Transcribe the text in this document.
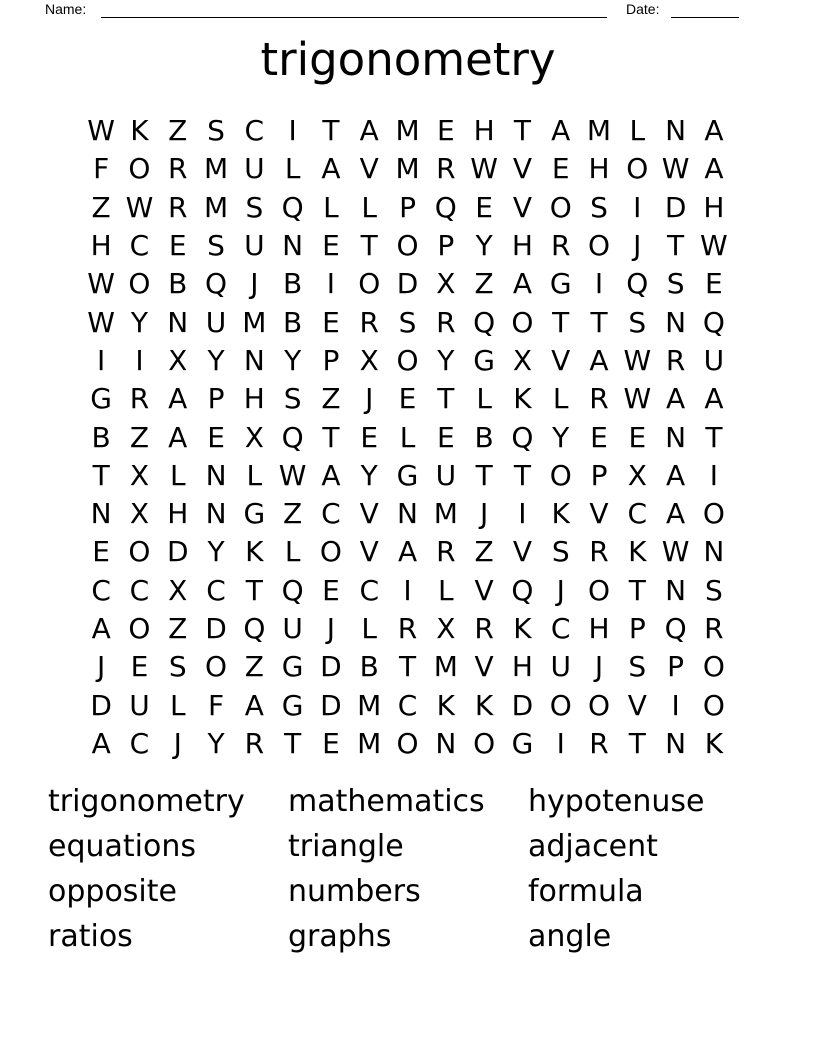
Name:	Date:
trigonometry
W K Z S C I T A M E H T A M L N A
F O R M U L A V M R W V E H O W A
Z W R M S Q L L P Q E V O S I D H
H C E S U N E T O P Y H R O J T W
W O B Q J B I O D X Z A G I Q S E
W Y N U M B E R S R Q O T T S N Q
I	I X Y N Y P X O Y G X V A W R U
G R A P H S Z J E T L K L R W A A
B Z A E X Q T E L E B Q Y E E N T
T X L N L W A Y G U T T O P X A I
N X H N G Z C V N M J	I K V C A O
E O D Y K L O V A R Z V S R K W N
C C X C T Q E C I L V Q J O T N S
A O Z D Q U J L R X R K C H P Q R
J E S O Z G D B T M V H U J S P O
D U L F A G D M C K K D O O V I O
A C J Y R T E M O N O G I R T N K
trigonometry
equations
opposite
ratios
mathematics
triangle
numbers
graphs
hypotenuse
adjacent
formula
angle
